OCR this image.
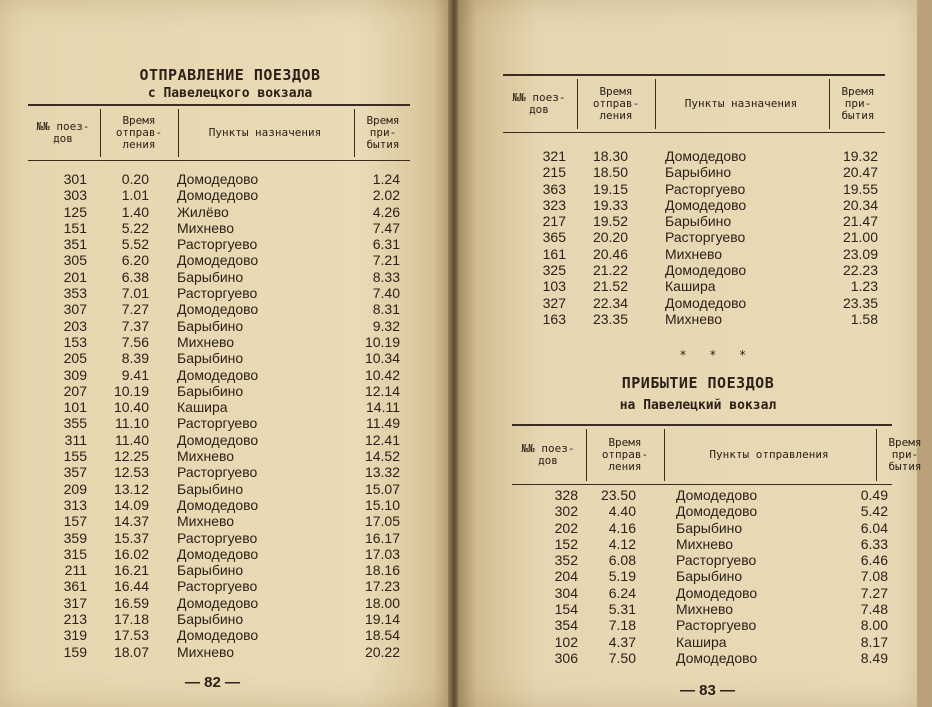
ОТПРАВЛЕНИЕ ПОЕЗДОВ
с Павелецкого вокзала
№№ поез- дов
Время отправ- ления
Пункты назначения
Время при- бытия
301	0.20		Домодедово	1.24
303	1.01		Домодедово	2.02
125	1.40		Жилёво	4.26
151	5.22		Михнево	7.47
351	5.52		Расторгуево	6.31
305	6.20		Домодедово	7.21
201	6.38		Барыбино	8.33
353	7.01		Расторгуево	7.40
307	7.27		Домодедово	8.31
203	7.37		Барыбино	9.32
153	7.56		Михнево	10.19
205	8.39		Барыбино	10.34
309	9.41		Домодедово	10.42
207	10.19		Барыбино	12.14
101	10.40		Кашира	14.11
355	11.10		Расторгуево	11.49
311	11.40		Домодедово	12.41
155	12.25		Михнево	14.52
357	12.53		Расторгуево	13.32
209	13.12		Барыбино	15.07
313	14.09		Домодедово	15.10
157	14.37		Михнево	17.05
359	15.37		Расторгуево	16.17
315	16.02		Домодедово	17.03
211	16.21		Барыбино	18.16
361	16.44		Расторгуево	17.23
317	16.59		Домодедово	18.00
213	17.18		Барыбино	19.14
319	17.53		Домодедово	18.54
159	18.07		Михнево	20.22
— 82 —
№№ поез- дов
Время отправ- ления
Пункты назначения
Время при- бытия
321	18.30		Домодедово	19.32
215	18.50		Барыбино	20.47
363	19.15		Расторгуево	19.55
323	19.33		Домодедово	20.34
217	19.52		Барыбино	21.47
365	20.20		Расторгуево	21.00
161	20.46		Михнево	23.09
325	21.22		Домодедово	22.23
103	21.52		Кашира	1.23
327	22.34		Домодедово	23.35
163	23.35		Михнево	1.58
* * *
ПРИБЫТИЕ ПОЕЗДОВ
на Павелецкий вокзал
№№ поез- дов
Время отправ- ления
Пункты отправления
Время при- бытия
328	23.50		Домодедово	0.49
302	4.40		Домодедово	5.42
202	4.16		Барыбино	6.04
152	4.12		Михнево	6.33
352	6.08		Расторгуево	6.46
204	5.19		Барыбино	7.08
304	6.24		Домодедово	7.27
154	5.31		Михнево	7.48
354	7.18		Расторгуево	8.00
102	4.37		Кашира	8.17
306	7.50		Домодедово	8.49
— 83 —
